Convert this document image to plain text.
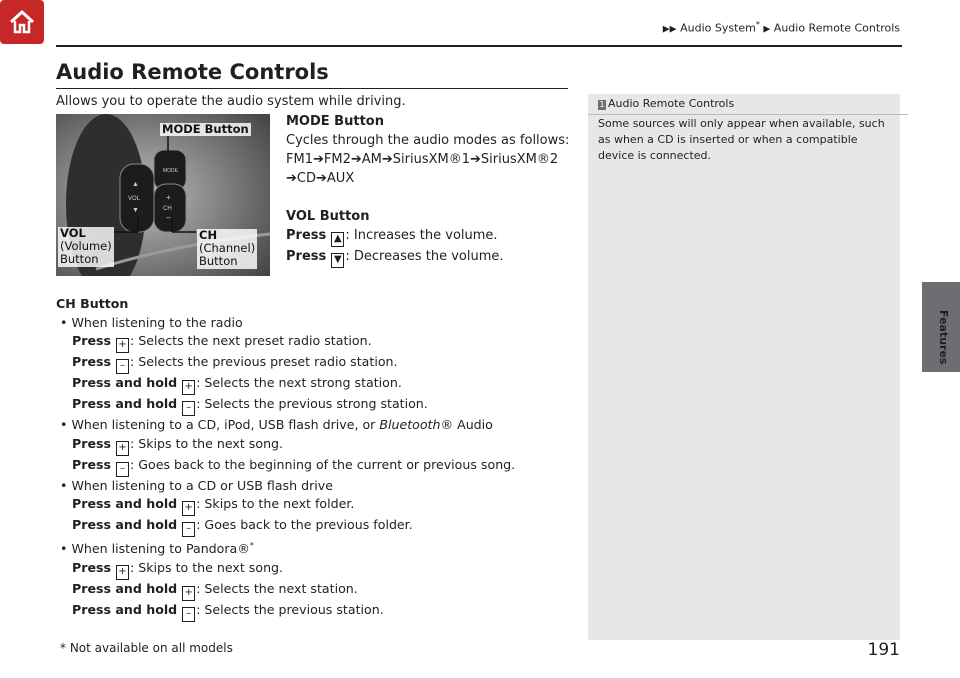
▶▶ Audio System* ▶ Audio Remote Controls
Features
Audio Remote Controls
Allows you to operate the audio system while driving.
MODE
▲
VOL
▼
+
CH
–
MODE Button
VOL
(Volume)
Button
CH
(Channel)
Button
MODE Button
Cycles through the audio modes as follows:
FM1➔FM2➔AM➔SiriusXM®1➔SiriusXM®2
➔CD➔AUX
VOL Button
Press ▲ : Increases the volume.
Press ▼ : Decreases the volume.
CH Button
• When listening to the radio
Press + : Selects the next preset radio station.
Press – : Selects the previous preset radio station.
Press and hold + : Selects the next strong station.
Press and hold – : Selects the previous strong station.
• When listening to a CD, iPod, USB flash drive, or Bluetooth® Audio
Press + : Skips to the next song.
Press – : Goes back to the beginning of the current or previous song.
• When listening to a CD or USB flash drive
Press and hold + : Skips to the next folder.
Press and hold – : Goes back to the previous folder.
• When listening to Pandora®*
Press + : Skips to the next song.
Press and hold + : Selects the next station.
Press and hold – : Selects the previous station.
1 Audio Remote Controls
Some sources will only appear when available, such as when a CD is inserted or when a compatible device is connected.
* Not available on all models	191
